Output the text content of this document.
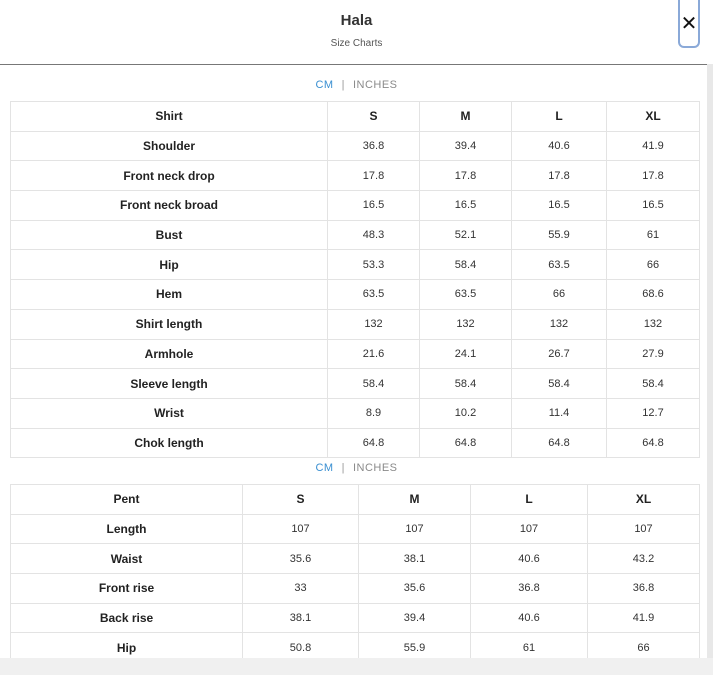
Hala
Size Charts
✕
CM | INCHES
Shirt	S	M	L	XL
Shoulder	36.8	39.4	40.6	41.9
Front neck drop	17.8	17.8	17.8	17.8
Front neck broad	16.5	16.5	16.5	16.5
Bust	48.3	52.1	55.9	61
Hip	53.3	58.4	63.5	66
Hem	63.5	63.5	66	68.6
Shirt length	132	132	132	132
Armhole	21.6	24.1	26.7	27.9
Sleeve length	58.4	58.4	58.4	58.4
Wrist	8.9	10.2	11.4	12.7
Chok length	64.8	64.8	64.8	64.8
CM | INCHES
Pent	S	M	L	XL
Length	107	107	107	107
Waist	35.6	38.1	40.6	43.2
Front rise	33	35.6	36.8	36.8
Back rise	38.1	39.4	40.6	41.9
Hip	50.8	55.9	61	66
